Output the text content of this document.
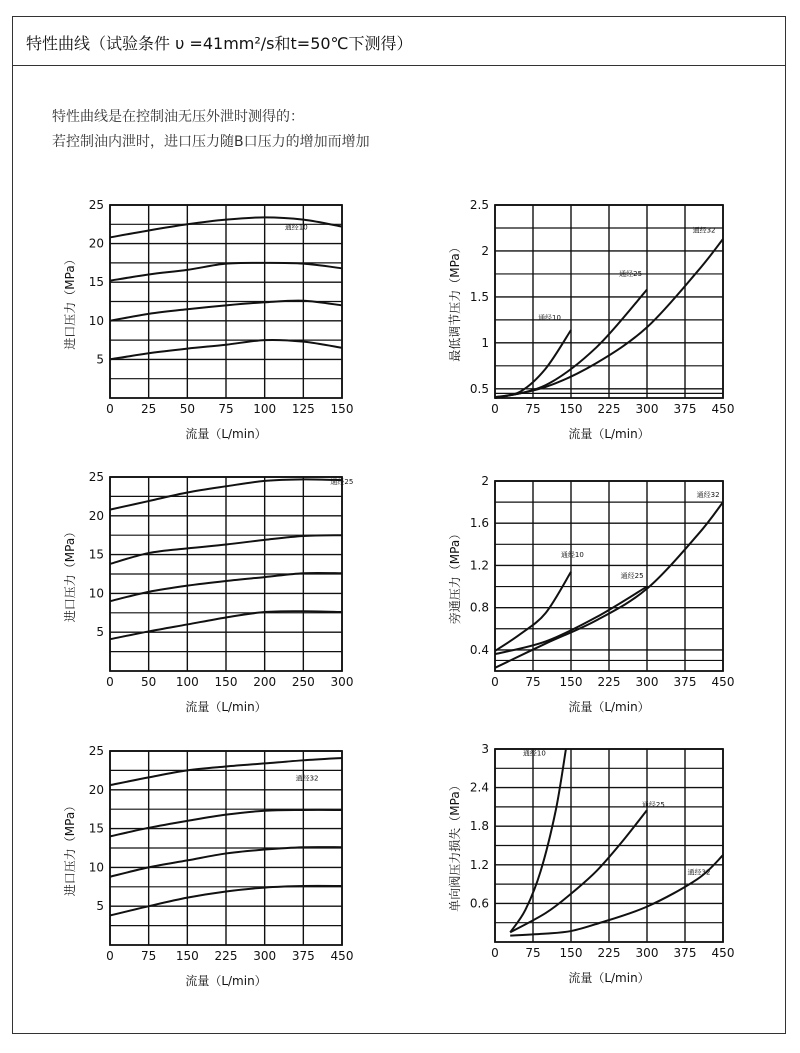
特性曲线（试验条件 υ =41mm²/s和t=50℃下测得）
特性曲线是在控制油无压外泄时测得的：
若控制油内泄时，进口压力随B口压力的增加而增加
0 25 50 75 100 125 150
5
10
15
20
25
流量（L/min）
进口压力（MPa）
通经10
0 75 150 225 300 375 450
0.5
1
1.5
2
2.5
流量（L/min）
最低调节压力（MPa）	通经10
通经25
通经32
0 50 100 150 200 250 300
5
10
15
20
25
流量（L/min）
进口压力（MPa）
通经25
0 75 150 225 300 375 450
0.4
0.8
1.2
1.6
2
流量（L/min）
旁通压力（MPa）	通经10
通经25
通经32
0 75 150 225 300 375 450
5
10
15
20
25
流量（L/min）
进口压力（MPa）
通经32
0 75 150 225 300 375 450
0.6
1.2
1.8
2.4
3
流量（L/min）
单向阀压力损失（MPa）
通经10
通经25
通经32
